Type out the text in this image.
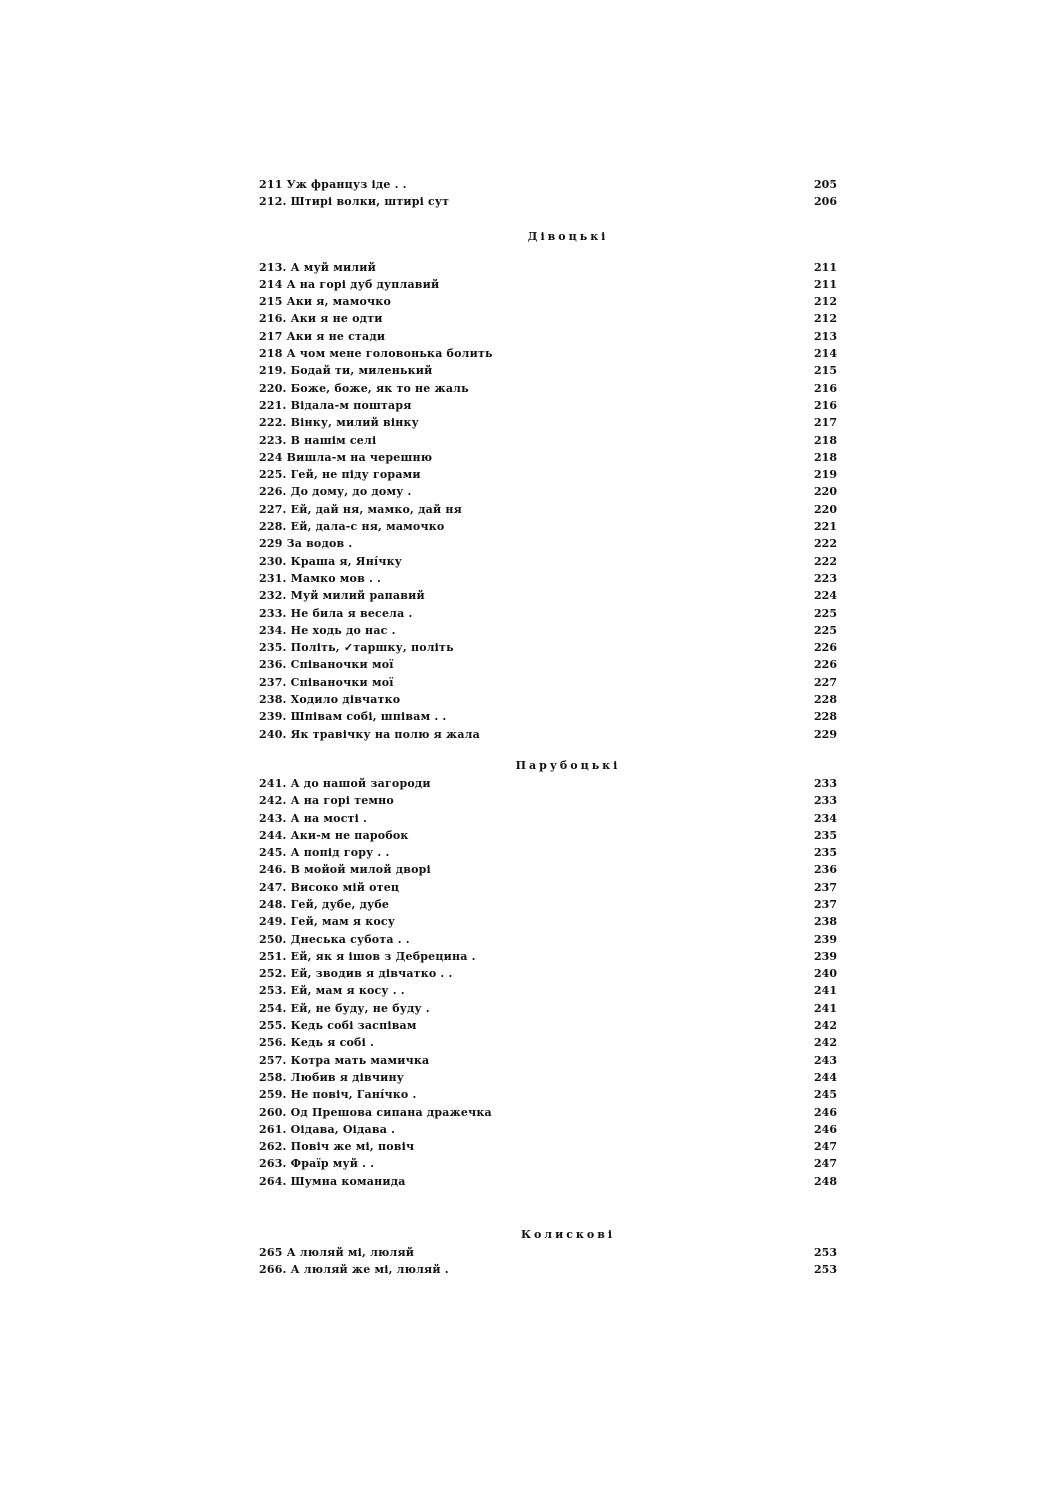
211 Уж француз іде . .	205
212. Штирі волки, штирі сут	206
Дівоцькі
213. А муй милий	211
214 А на горі дуб дуплавий	211
215 Аки я, мамочко	212
216. Аки я не одти	212
217 Аки я не стади	213
218 А чом мене головонька болить	214
219. Бодай ти, миленький	215
220. Боже, боже, як то не жаль	216
221. Відала-м поштаря	216
222. Вінку, милий вінку	217
223. В нашім селі	218
224 Вишла-м на черешню	218
225. Гей, не піду горами	219
226. До дому, до дому .	220
227. Ей, дай ня, мамко, дай ня	220
228. Ей, дала-с ня, мамочко	221
229 За водов .	222
230. Краша я, Яні́чку	222
231. Мамко мов . .	223
232. Муй милий рапавий	224
233. Не била я весела .	225
234. Не ходь до нас .	225
235. Політь, ✓таршку, політь	226
236. Співаночки мої	226
237. Співаночки мої	227
238. Ходило дівчатко	228
239. Шпівам собі, шпівам . .	228
240. Як травічку на полю я жала	229
Парубоцькі
241. А до нашой загороди	233
242. А на горі темно	233
243. А на мості .	234
244. Аки-м не паробок	235
245. А попід гору . .	235
246. В мойой милой дворі	236
247. Високо мій отец	237
248. Гей, дубе, дубе	237
249. Гей, мам я косу	238
250. Днеська субота . .	239
251. Ей, як я ішов з Дебрецина .	239
252. Ей, зводив я дівчатко . .	240
253. Ей, мам я косу . .	241
254. Ей, не буду, не буду .	241
255. Кедь собі заспівам	242
256. Кедь я собі .	242
257. Котра мать мамичка	243
258. Любив я дівчину	244
259. Не повіч, Гані́чко .	245
260. Од Прешова сипана дражечка	246
261. Оідава, Оідава .	246
262. Повіч же мі, повіч	247
263. Фраїр муй . .	247
264. Шумна команида	248
Колискові
265 А люляй мі, люляй	253
266. А люляй же мі, люляй .	253
